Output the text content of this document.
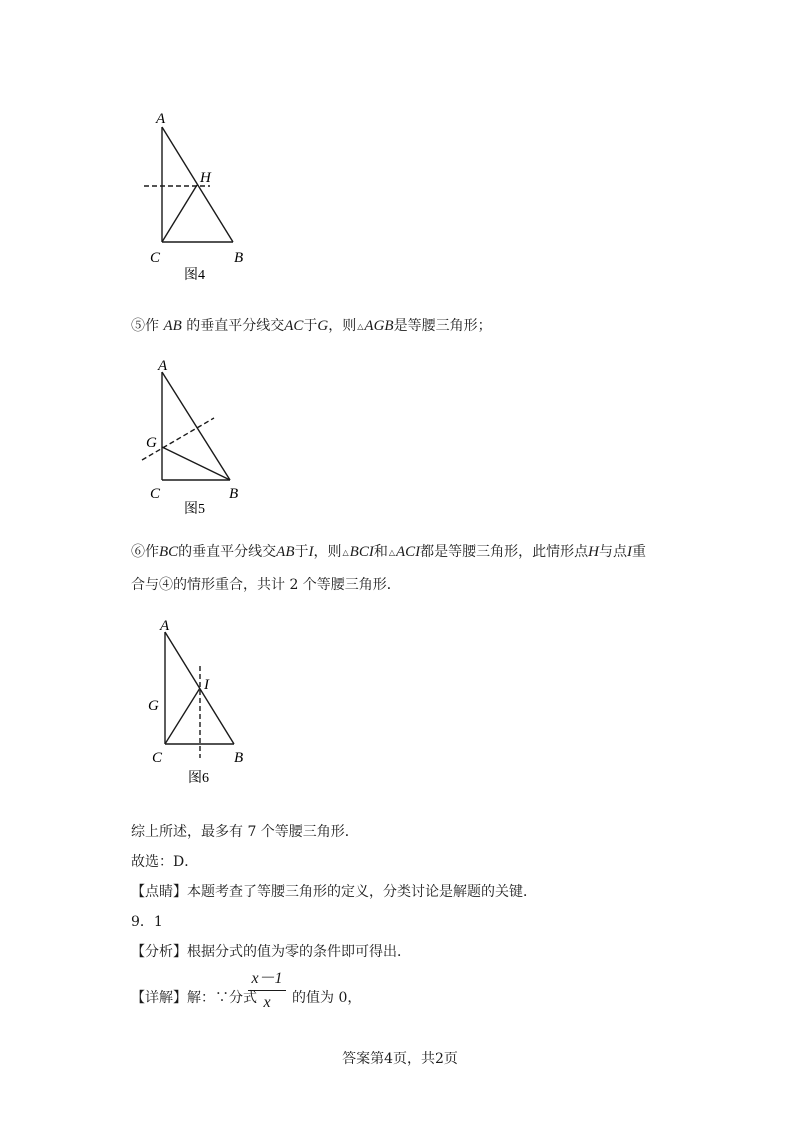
A
H
C	B
图4
⑤作 AB 的垂直平分线交AC于G，则△AGB是等腰三角形；
A
G
C	B
图5
⑥作BC的垂直平分线交AB于I，则△BCI和△ACI都是等腰三角形，此情形点H与点I重
合与④的情形重合，共计 2 个等腰三角形．
A
I
G
C	B
图6
综上所述，最多有 7 个等腰三角形．
故选：D．
【点睛】本题考查了等腰三角形的定义，分类讨论是解题的关键．
9．1
【分析】根据分式的值为零的条件即可得出．
【详解】解：∵分式
x－1
x	的值为 0，
答案第4页，共2页
